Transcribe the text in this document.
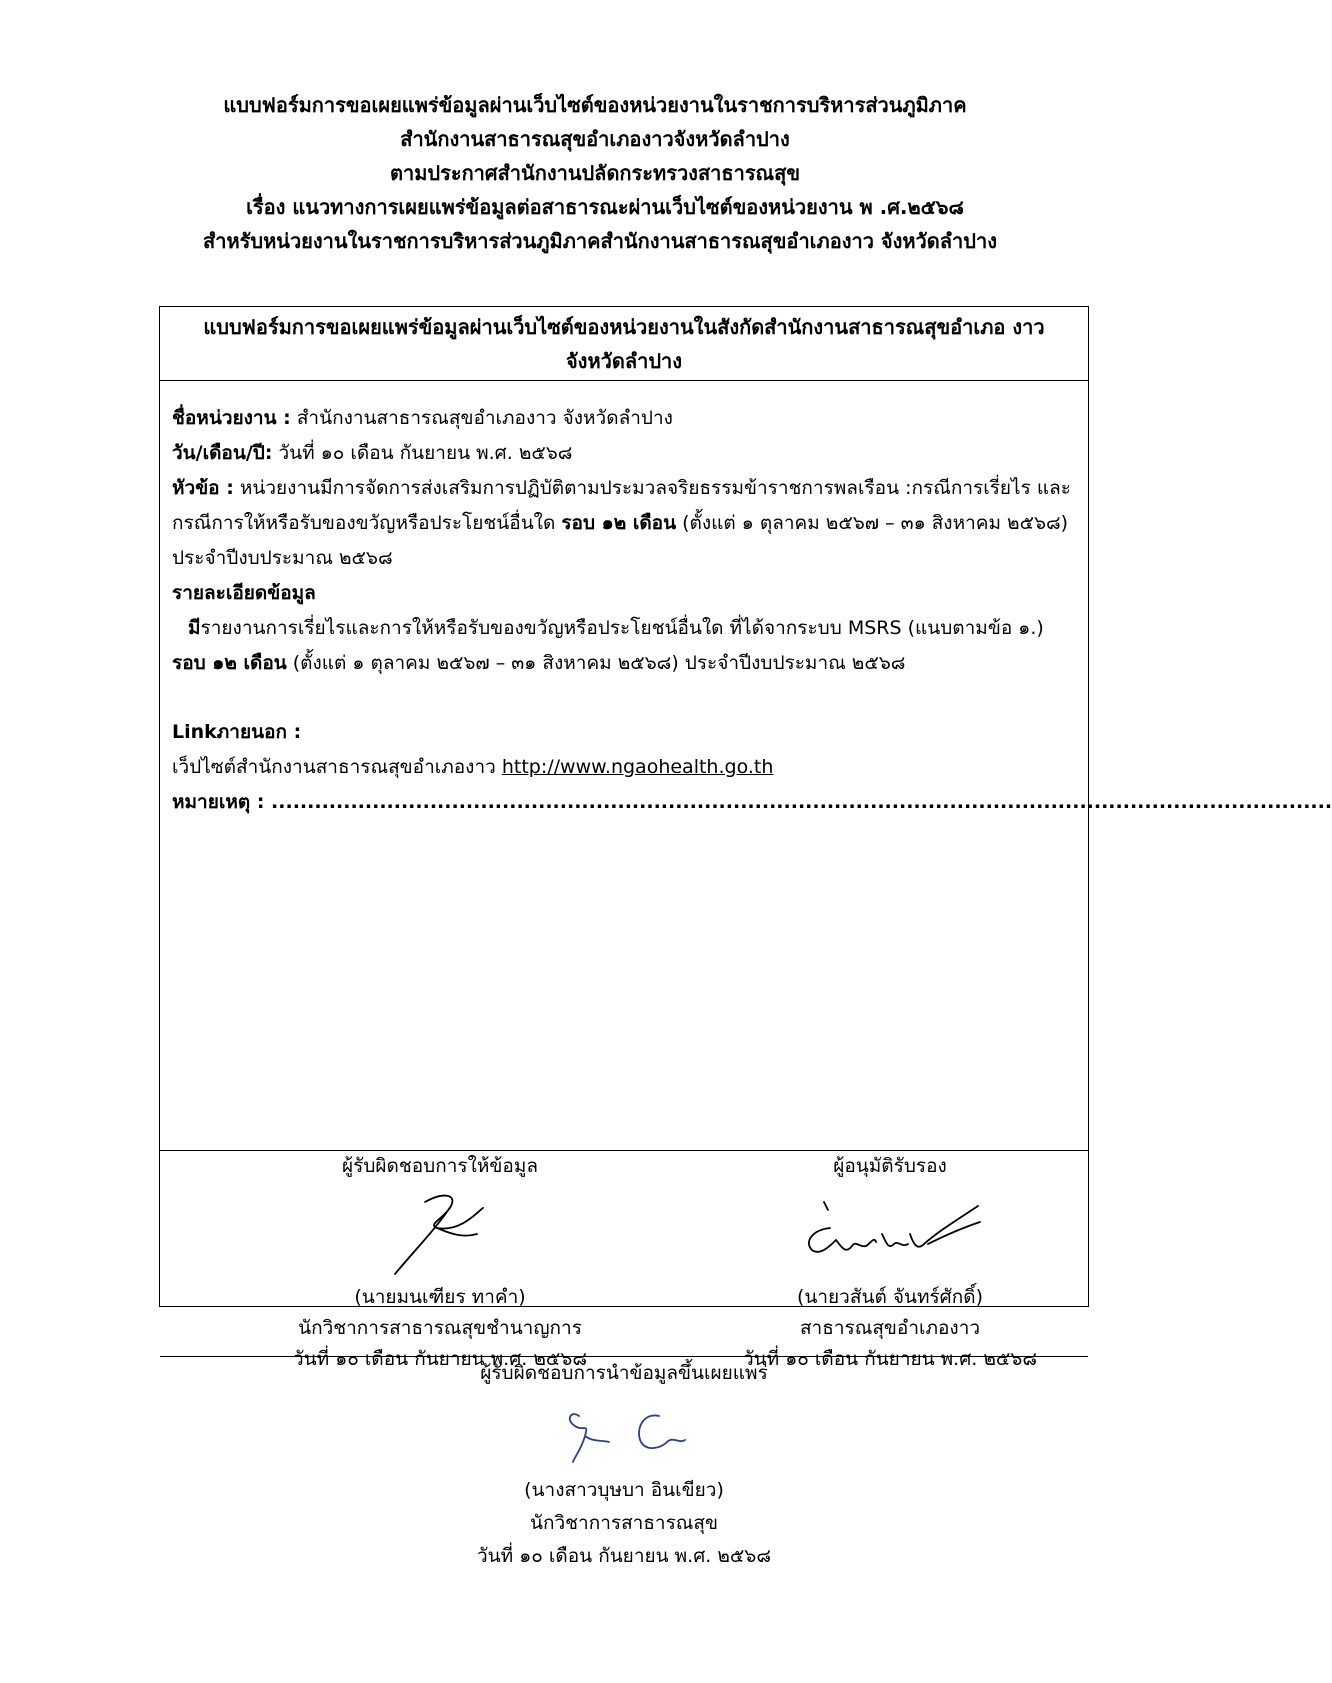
แบบฟอร์มการขอเผยแพร่ข้อมูลผ่านเว็บไซต์ของหน่วยงานในราชการบริหารส่วนภูมิภาค
สำนักงานสาธารณสุขอำเภองาวจังหวัดลำปาง
ตามประกาศสำนักงานปลัดกระทรวงสาธารณสุข
เรื่อง แนวทางการเผยแพร่ข้อมูลต่อสาธารณะผ่านเว็บไซต์ของหน่วยงาน พ .ศ.๒๕๖๘
สำหรับหน่วยงานในราชการบริหารส่วนภูมิภาคสำนักงานสาธารณสุขอำเภองาว จังหวัดลำปาง
แบบฟอร์มการขอเผยแพร่ข้อมูลผ่านเว็บไซต์ของหน่วยงานในสังกัดสำนักงานสาธารณสุขอำเภอ งาว
จังหวัดลำปาง
ชื่อหน่วยงาน : สำนักงานสาธารณสุขอำเภองาว จังหวัดลำปาง
วัน/เดือน/ปี: วันที่ ๑๐ เดือน กันยายน พ.ศ. ๒๕๖๘
หัวข้อ : หน่วยงานมีการจัดการส่งเสริมการปฏิบัติตามประมวลจริยธรรมข้าราชการพลเรือน :กรณีการเรี่ยไร และกรณีการให้หรือรับของขวัญหรือประโยชน์อื่นใด รอบ ๑๒ เดือน (ตั้งแต่ ๑ ตุลาคม ๒๕๖๗ – ๓๑ สิงหาคม ๒๕๖๘) ประจำปีงบประมาณ ๒๕๖๘
รายละเอียดข้อมูล
มีรายงานการเรี่ยไรและการให้หรือรับของขวัญหรือประโยชน์อื่นใด ที่ได้จากระบบ MSRS (แนบตามข้อ ๑.)
รอบ ๑๒ เดือน (ตั้งแต่ ๑ ตุลาคม ๒๕๖๗ – ๓๑ สิงหาคม ๒๕๖๘) ประจำปีงบประมาณ ๒๕๖๘
Linkภายนอก :
เว็ปไซต์สำนักงานสาธารณสุขอำเภองาว http://www.ngaohealth.go.th
หมายเหตุ : ...................................................................................................................................................
ผู้รับผิดชอบการให้ข้อมูล
(นายมนเฑียร ทาคำ)
นักวิชาการสาธารณสุขชำนาญการ
วันที่ ๑๐ เดือน กันยายน พ.ศ. ๒๕๖๘
ผู้อนุมัติรับรอง
(นายวสันต์ จันทร์ศักดิ์)
สาธารณสุขอำเภองาว
วันที่ ๑๐ เดือน กันยายน พ.ศ. ๒๕๖๘
ผู้รับผิดชอบการนำข้อมูลขึ้นเผยแพร่
(นางสาวบุษบา อินเขียว)
นักวิชาการสาธารณสุข
วันที่ ๑๐ เดือน กันยายน พ.ศ. ๒๕๖๘
